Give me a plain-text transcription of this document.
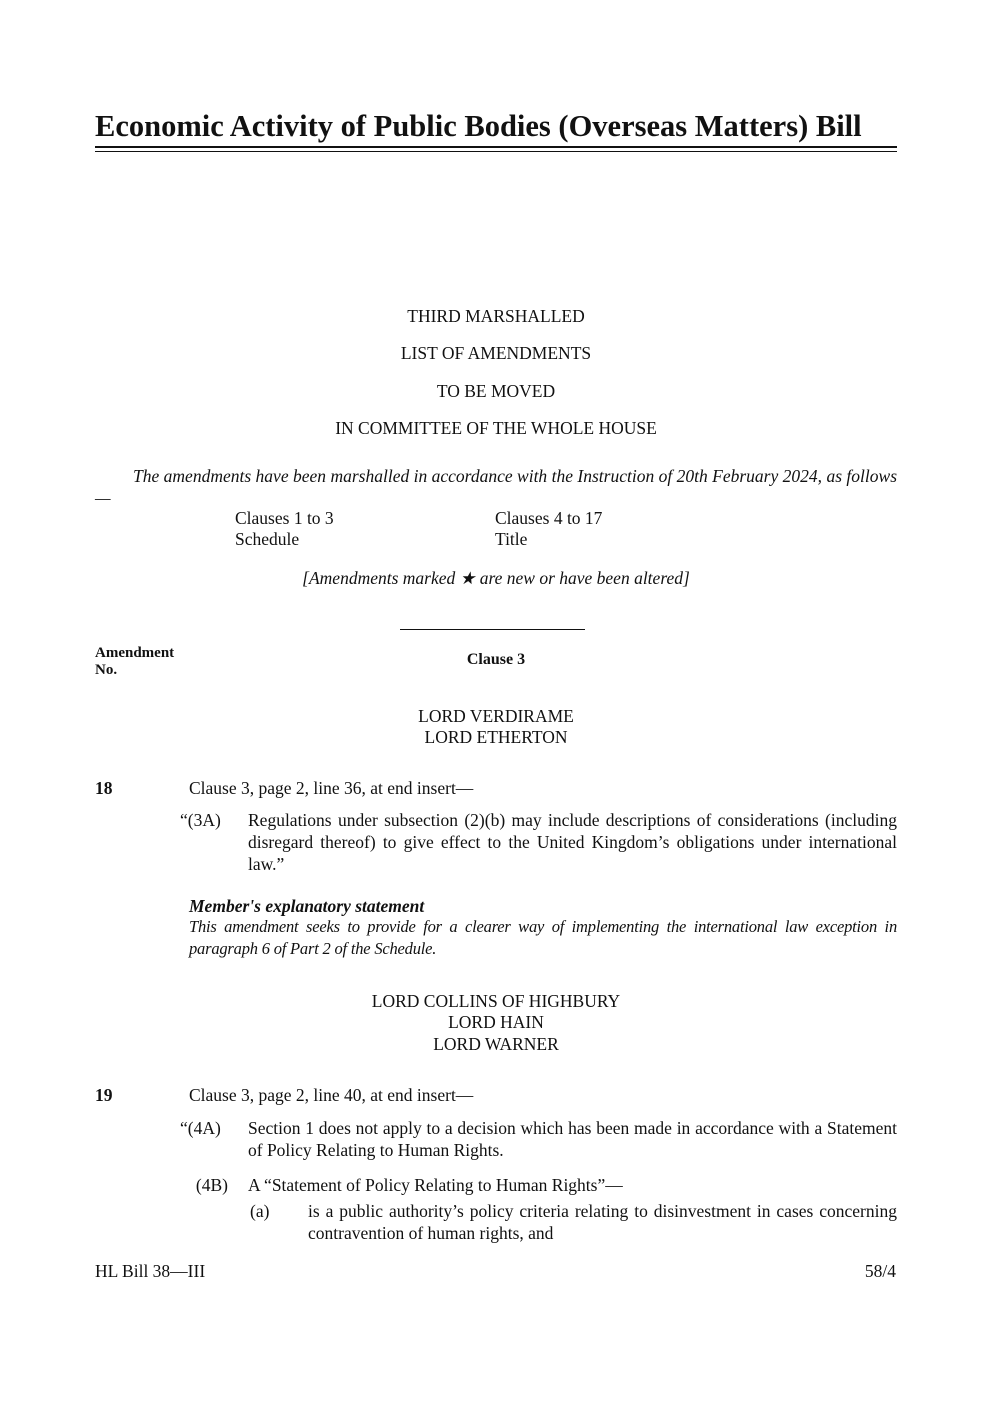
Economic Activity of Public Bodies (Overseas Matters) Bill
THIRD MARSHALLED
LIST OF AMENDMENTS
TO BE MOVED
IN COMMITTEE OF THE WHOLE HOUSE
The amendments have been marshalled in accordance with the Instruction of 20th February 2024, as follows—
Clauses 1 to 3	Clauses 4 to 17
Schedule	Title
[Amendments marked ★ are new or have been altered]
Amendment
No.
Clause 3
LORD VERDIRAME
LORD ETHERTON
18	Clause 3, page 2, line 36, at end insert—
“(3A)	Regulations under subsection (2)(b) may include descriptions of considerations (including disregard thereof) to give effect to the United Kingdom’s obligations under international law.”
Member's explanatory statement
This amendment seeks to provide for a clearer way of implementing the international law exception in paragraph 6 of Part 2 of the Schedule.
LORD COLLINS OF HIGHBURY
LORD HAIN
LORD WARNER
19	Clause 3, page 2, line 40, at end insert—
“(4A)	Section 1 does not apply to a decision which has been made in accordance with a Statement of Policy Relating to Human Rights.
(4B)	A “Statement of Policy Relating to Human Rights”—
(a)	is a public authority’s policy criteria relating to disinvestment in cases concerning contravention of human rights, and
HL Bill 38—III	58/4
